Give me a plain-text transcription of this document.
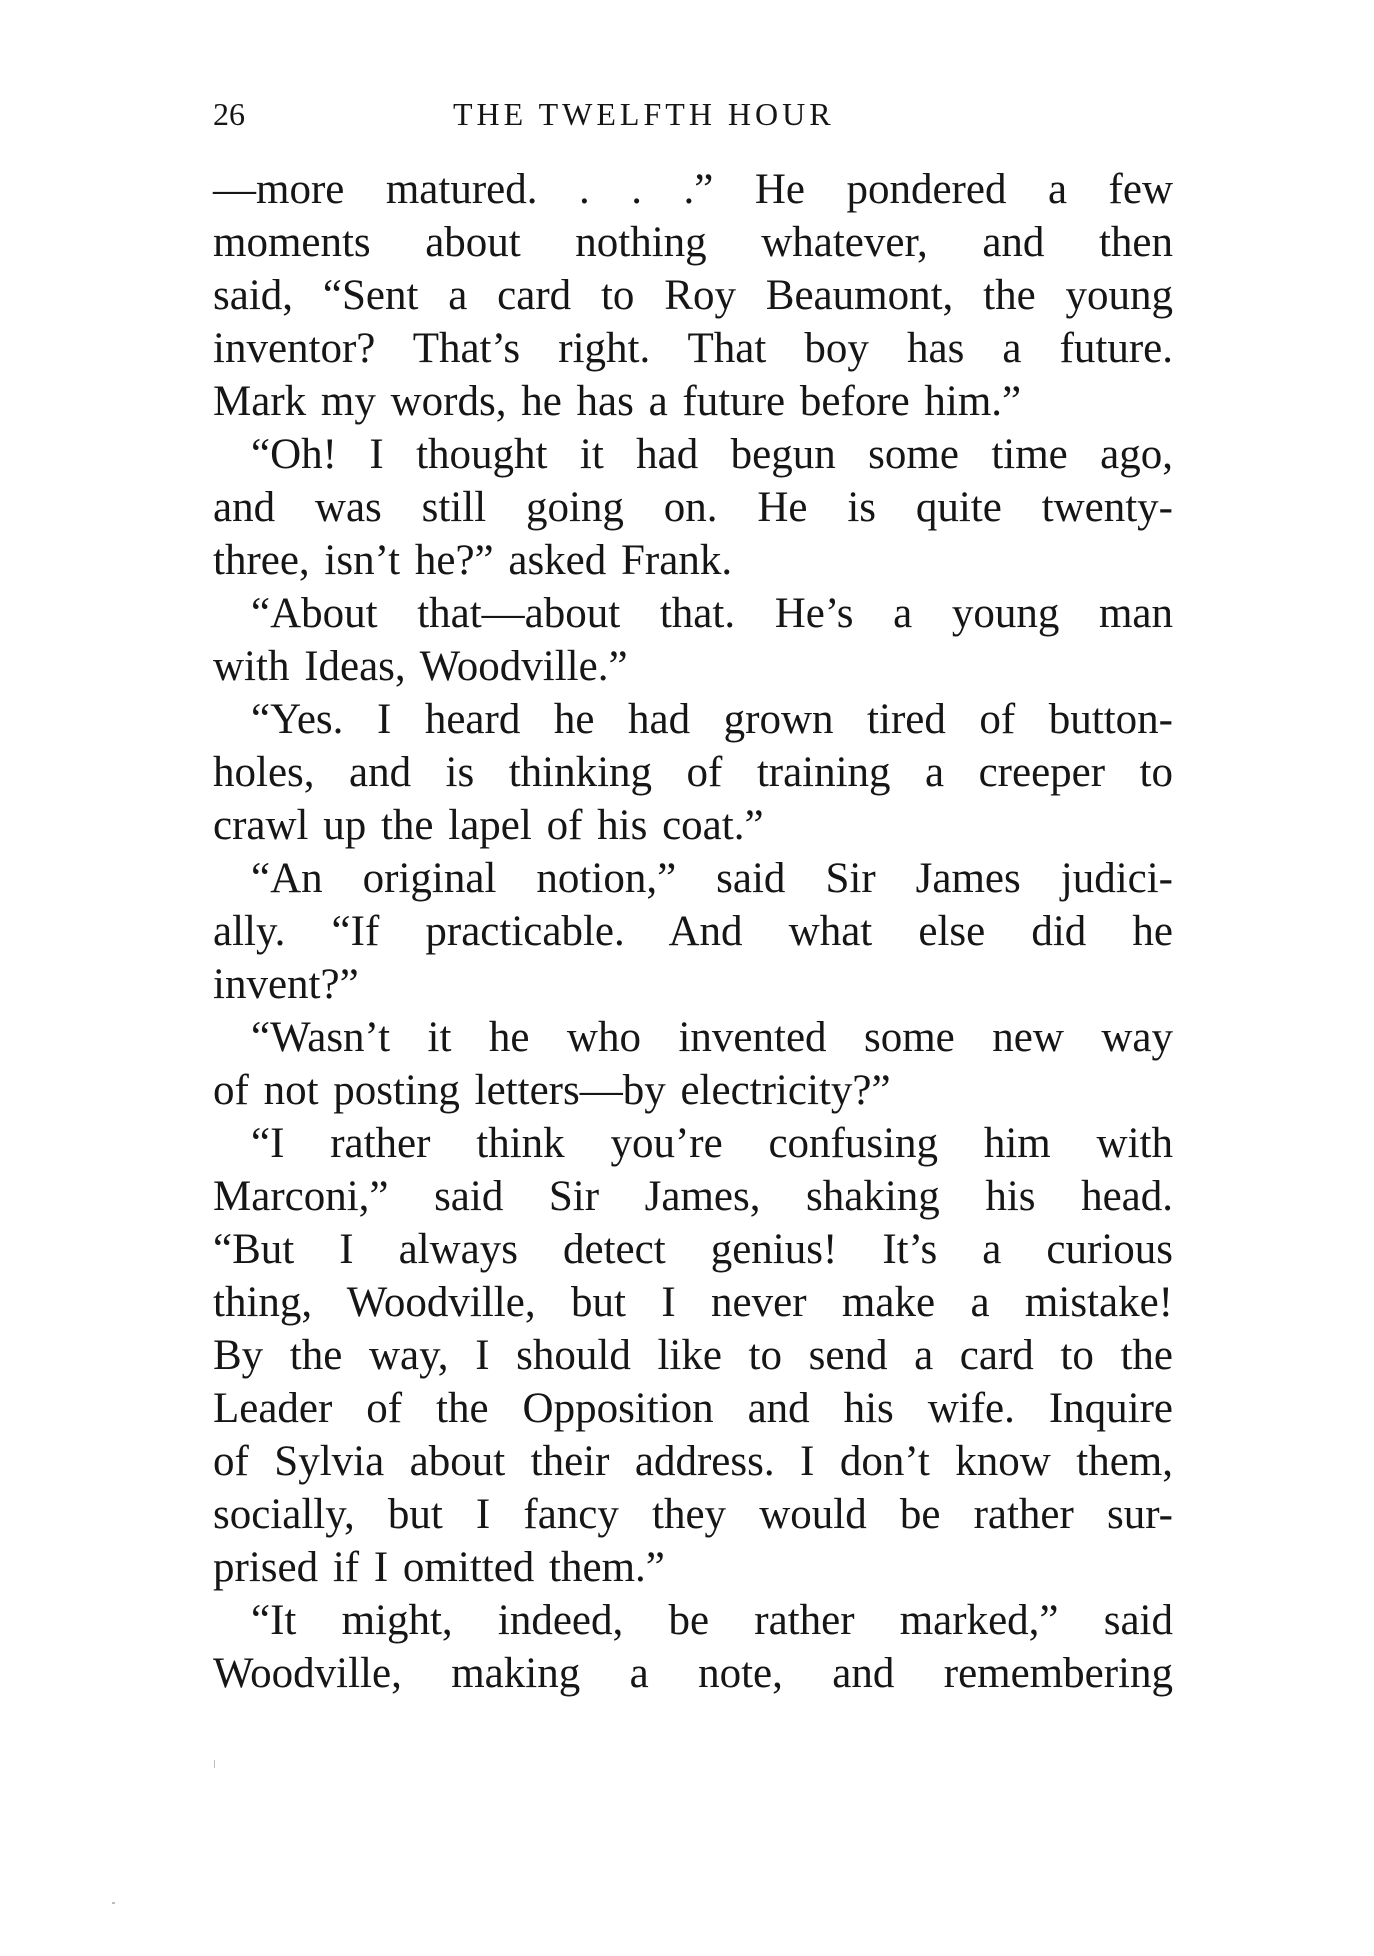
26	THE TWELFTH HOUR
—more matured. . . .” He pondered a few
moments about nothing whatever, and then
said, “Sent a card to Roy Beaumont, the young
inventor? That’s right. That boy has a future.
Mark my words, he has a future before him.”
“Oh! I thought it had begun some time ago,
and was still going on. He is quite twenty-
three, isn’t he?” asked Frank.
“About that—about that. He’s a young man
with Ideas, Woodville.”
“Yes. I heard he had grown tired of button-
holes, and is thinking of training a creeper to
crawl up the lapel of his coat.”
“An original notion,” said Sir James judici-
ally. “If practicable. And what else did he
invent?”
“Wasn’t it he who invented some new way
of not posting letters—by electricity?”
“I rather think you’re confusing him with
Marconi,” said Sir James, shaking his head.
“But I always detect genius! It’s a curious
thing, Woodville, but I never make a mistake!
By the way, I should like to send a card to the
Leader of the Opposition and his wife. Inquire
of Sylvia about their address. I don’t know them,
socially, but I fancy they would be rather sur-
prised if I omitted them.”
“It might, indeed, be rather marked,” said
Woodville, making a note, and remembering
